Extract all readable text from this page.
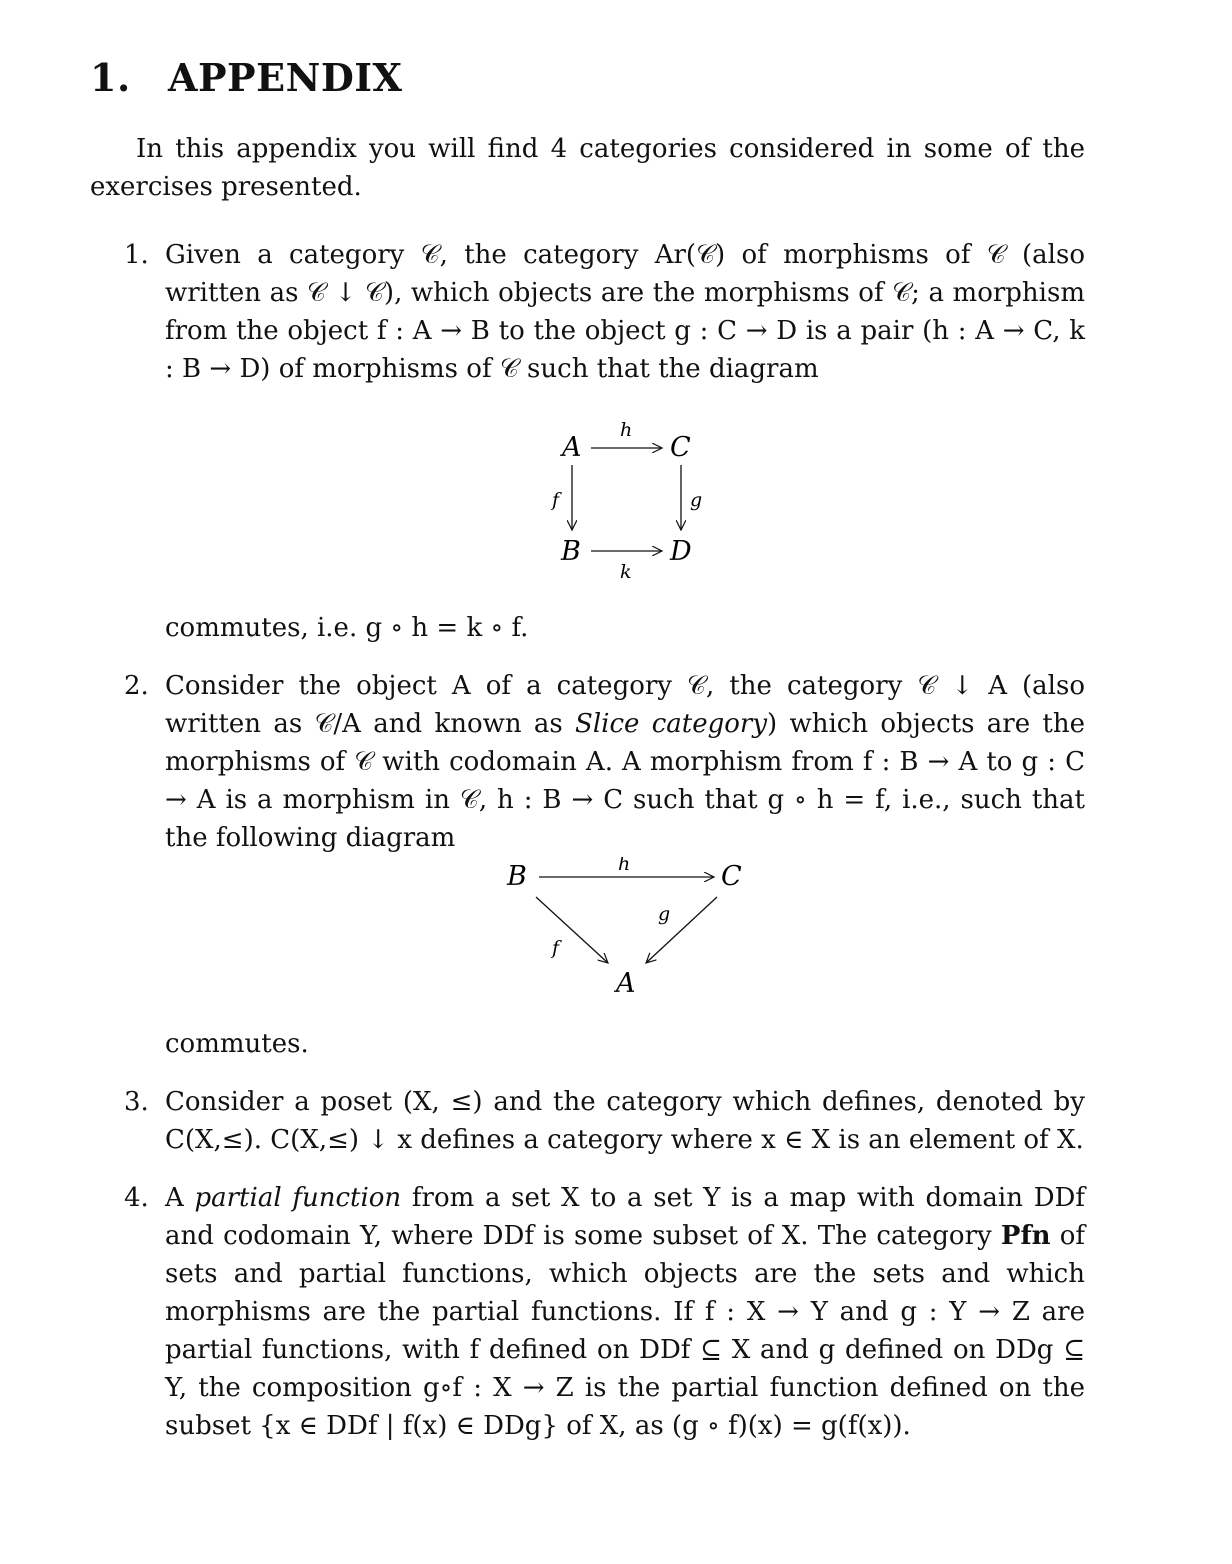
1. APPENDIX

In this appendix you will find 4 categories considered in some of the exercises presented.

1. Given a category 𝒞, the category Ar(𝒞) of morphisms of 𝒞 (also written as 𝒞 ↓ 𝒞), which objects are the morphisms of 𝒞; a morphism from the object f : A → B to the object g : C → D is a pair (h : A → C, k : B → D) of morphisms of 𝒞 such that the diagram
A	C
B	D
h
k
f	g
commutes, i.e. g ∘ h = k ∘ f.
2. Consider the object A of a category 𝒞, the category 𝒞 ↓ A (also written as 𝒞/A and known as Slice category) which objects are the morphisms of 𝒞 with codomain A. A morphism from f : B → A to g : C → A is a morphism in 𝒞, h : B → C such that g ∘ h = f, i.e., such that the following diagram
B	C
A
h
f
g
commutes.
3. Consider a poset (X, ≤) and the category which defines, denoted by C(X,≤). C(X,≤) ↓ x defines a category where x ∈ X is an element of X.
4. A partial function from a set X to a set Y is a map with domain DDf and codomain Y, where DDf is some subset of X. The category Pfn of sets and partial functions, which objects are the sets and which morphisms are the partial functions. If f : X → Y and g : Y → Z are partial functions, with f defined on DDf ⊆ X and g defined on DDg ⊆ Y, the composition g∘f : X → Z is the partial function defined on the subset {x ∈ DDf | f(x) ∈ DDg} of X, as (g ∘ f)(x) = g(f(x)).
